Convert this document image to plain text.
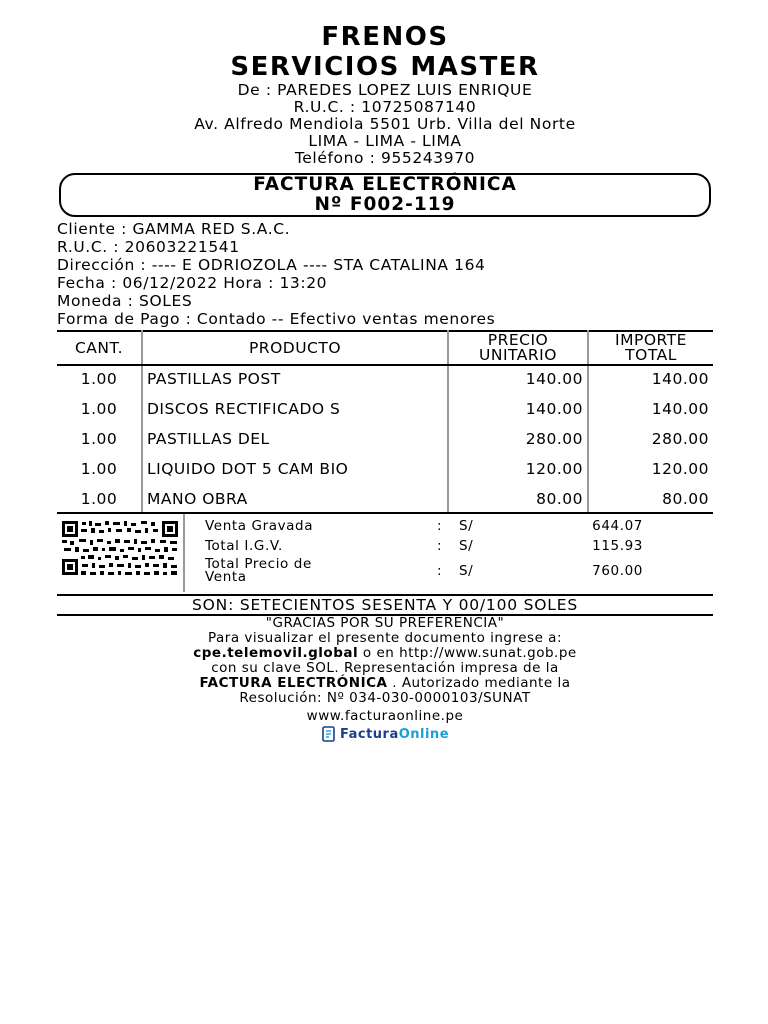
FRENOS
SERVICIOS MASTER
De : PAREDES LOPEZ LUIS ENRIQUE
R.U.C. : 10725087140
Av. Alfredo Mendiola 5501 Urb. Villa del Norte
LIMA - LIMA - LIMA
Teléfono : 955243970
FACTURA ELECTRÓNICA
Nº F002-119
Cliente : GAMMA RED S.A.C.
R.U.C. : 20603221541
Dirección : ---- E ODRIOZOLA ---- STA CATALINA 164
Fecha : 06/12/2022 Hora : 13:20
Moneda : SOLES
Forma de Pago : Contado -- Efectivo ventas menores
CANT.	PRODUCTO	PRECIO UNITARIO	IMPORTE TOTAL
1.00	PASTILLAS POST	140.00	140.00
1.00	DISCOS RECTIFICADO S	140.00	140.00
1.00	PASTILLAS DEL	280.00	280.00
1.00	LIQUIDO DOT 5 CAM BIO	120.00	120.00
1.00	MANO OBRA	80.00	80.00
Venta Gravada	:	S/	644.07
Total I.G.V.	:	S/	115.93
Total Precio de Venta	:	S/	760.00
SON: SETECIENTOS SESENTA Y 00/100 SOLES
"GRACIAS POR SU PREFERENCIA"
Para visualizar el presente documento ingrese a:
cpe.telemovil.global o en http://www.sunat.gob.pe
con su clave SOL. Representación impresa de la
FACTURA ELECTRÓNICA . Autorizado mediante la
Resolución: Nº 034-030-0000103/SUNAT
www.facturaonline.pe
Factura Online
